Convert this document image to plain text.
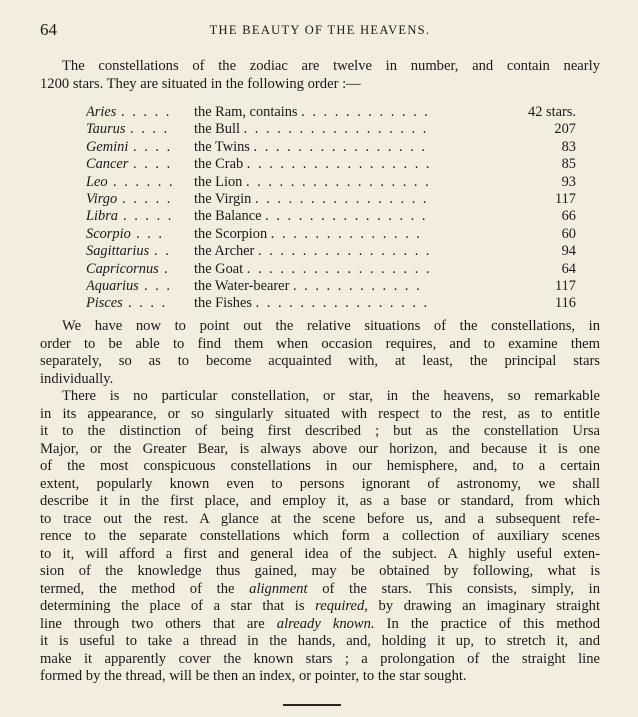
64	THE BEAUTY OF THE HEAVENS.
The constellations of the zodiac are twelve in number, and contain nearly
1200 stars. They are situated in the following order :—
Aries . . . . . the Ram, contains . . . . . . . . . . . .	42 stars.
Taurus . . . . the Bull . . . . . . . . . . . . . . . . .	207
Gemini . . . . the Twins . . . . . . . . . . . . . . . .	83
Cancer . . . . the Crab . . . . . . . . . . . . . . . . .	85
Leo . . . . . . the Lion . . . . . . . . . . . . . . . . .	93
Virgo . . . . . the Virgin . . . . . . . . . . . . . . . .	117
Libra . . . . . the Balance . . . . . . . . . . . . . . .	66
Scorpio . . . the Scorpion . . . . . . . . . . . . . .	60
Sagittarius . . the Archer . . . . . . . . . . . . . . . .	94
Capricornus . the Goat . . . . . . . . . . . . . . . . .	64
Aquarius . . . the Water-bearer . . . . . . . . . . . .	117
Pisces . . . . the Fishes . . . . . . . . . . . . . . . .	116
We have now to point out the relative situations of the constellations, in
order to be able to find them when occasion requires, and to examine them
separately, so as to become acquainted with, at least, the principal stars
individually.
There is no particular constellation, or star, in the heavens, so remarkable
in its appearance, or so singularly situated with respect to the rest, as to entitle
it to the distinction of being first described ; but as the constellation Ursa
Major, or the Greater Bear, is always above our horizon, and because it is one
of the most conspicuous constellations in our hemisphere, and, to a certain
extent, popularly known even to persons ignorant of astronomy, we shall
describe it in the first place, and employ it, as a base or standard, from which
to trace out the rest. A glance at the scene before us, and a subsequent refe-
rence to the separate constellations which form a collection of auxiliary scenes
to it, will afford a first and general idea of the subject. A highly useful exten-
sion of the knowledge thus gained, may be obtained by following, what is
termed, the method of the alignment of the stars. This consists, simply, in
determining the place of a star that is required, by drawing an imaginary straight
line through two others that are already known. In the practice of this method
it is useful to take a thread in the hands, and, holding it up, to stretch it, and
make it apparently cover the known stars ; a prolongation of the straight line
formed by the thread, will be then an index, or pointer, to the star sought.
